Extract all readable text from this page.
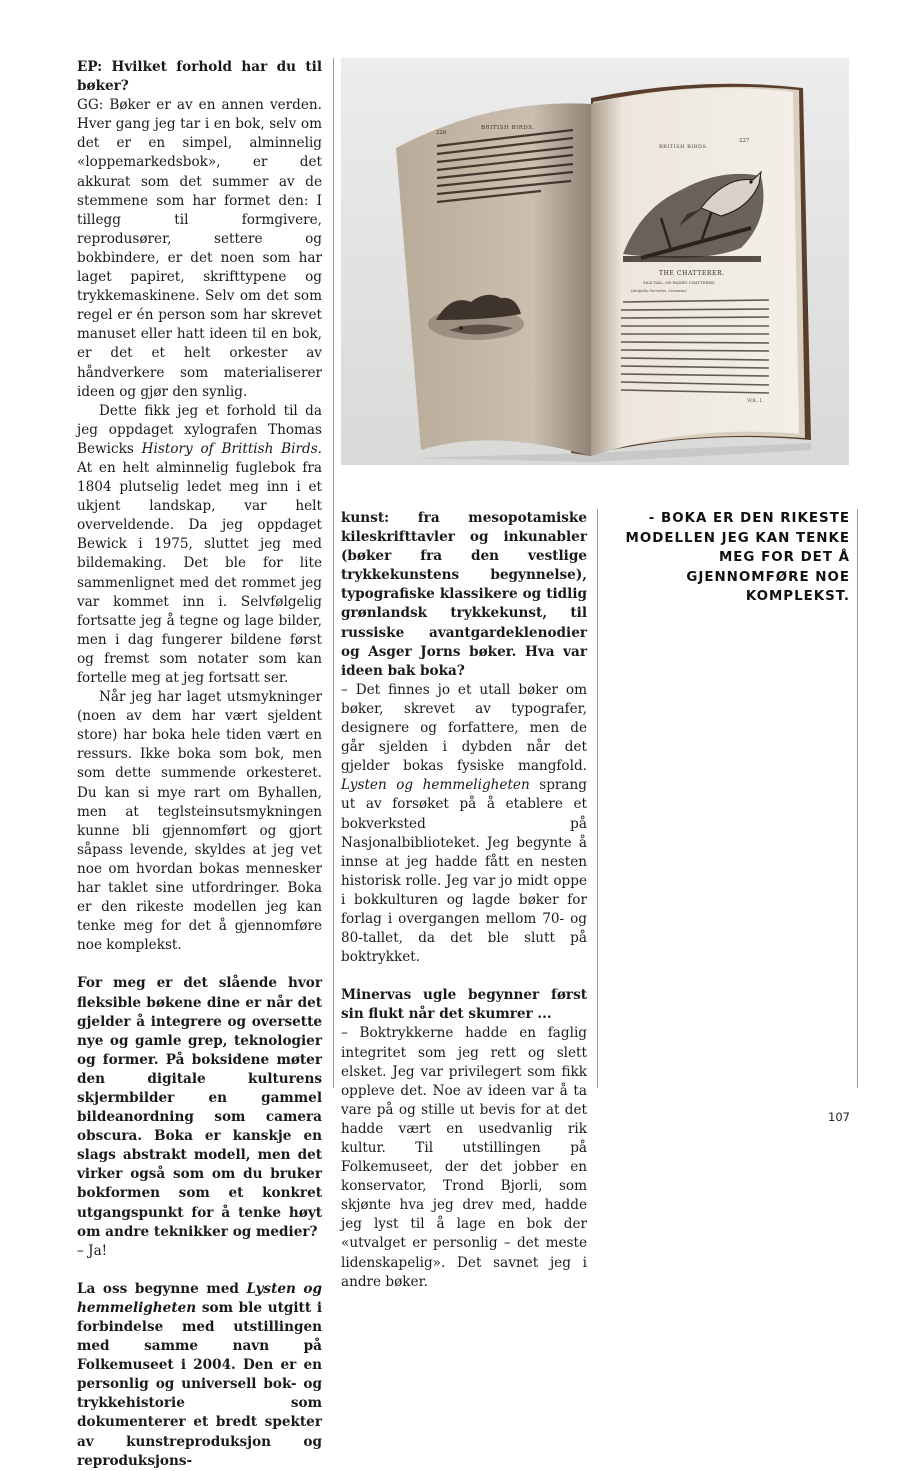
EP: Hvilket forhold har du til bøker?

GG: Bøker er av en annen verden. Hver gang jeg tar i en bok, selv om det er en simpel, alminnelig «loppemarkedsbok», er det akkurat som det summer av de stemmene som har formet den: I tillegg til formgivere, reprodusører, settere og bokbindere, er det noen som har laget papiret, skrifttypene og trykkemaskinene. Selv om det som regel er én person som har skrevet manuset eller hatt ideen til en bok, er det et helt orkester av håndverkere som materialiserer ideen og gjør den synlig.

Dette fikk jeg et forhold til da jeg oppdaget xylografen Thomas Bewicks History of Brittish Birds. At en helt alminnelig fuglebok fra 1804 plutselig ledet meg inn i et ukjent landskap, var helt overveldende. Da jeg oppdaget Bewick i 1975, sluttet jeg med bildemaking. Det ble for lite sammenlignet med det rommet jeg var kommet inn i. Selvfølgelig fortsatte jeg å tegne og lage bilder, men i dag fungerer bildene først og fremst som notater som kan fortelle meg at jeg fortsatt ser.

Når jeg har laget utsmykninger (noen av dem har vært sjeldent store) har boka hele tiden vært en ressurs. Ikke boka som bok, men som dette summende orkesteret. Du kan si mye rart om Byhallen, men at teglsteinsutsmykningen kunne bli gjennomført og gjort såpass levende, skyldes at jeg vet noe om hvordan bokas mennesker har taklet sine utfordringer. Boka er den rikeste modellen jeg kan tenke meg for det å gjennomføre noe komplekst.

For meg er det slående hvor fleksible bøkene dine er når det gjelder å integrere og oversette nye og gamle grep, teknologier og former. På boksidene møter den digitale kulturens skjermbilder en gammel bildeanordning som camera obscura. Boka er kanskje en slags abstrakt modell, men det virker også som om du bruker bokformen som et konkret utgangspunkt for å tenke høyt om andre teknikker og medier?

– Ja!

La oss begynne med Lysten og hemmeligheten som ble utgitt i forbindelse med utstillingen med samme navn på Folkemuseet i 2004. Den er en personlig og universell bok- og trykkehistorie som dokumenterer et bredt spekter av kunstreproduksjon og reproduksjons-

226
BRITISH BIRDS.
BRITISH BIRDS.
227
THE CHATTERER.
SILK TAIL, OR WAXEN CHATTERER.
(Ampelis Garrulus, Linnæus)
VOL. I.

kunst: fra mesopotamiske kileskrifttavler og inkunabler (bøker fra den vestlige trykkekunstens begynnelse), typografiske klassikere og tidlig grønlandsk trykkekunst, til russiske avantgardeklenodier og Asger Jorns bøker. Hva var ideen bak boka?

– Det finnes jo et utall bøker om bøker, skrevet av typografer, designere og forfattere, men de går sjelden i dybden når det gjelder bokas fysiske mangfold. Lysten og hemmeligheten sprang ut av forsøket på å etablere et bokverksted på Nasjonalbiblioteket. Jeg begynte å innse at jeg hadde fått en nesten historisk rolle. Jeg var jo midt oppe i bokkulturen og lagde bøker for forlag i overgangen mellom 70- og 80-tallet, da det ble slutt på boktrykket.

Minervas ugle begynner først sin flukt når det skumrer ...

– Boktrykkerne hadde en faglig integritet som jeg rett og slett elsket. Jeg var privilegert som fikk oppleve det. Noe av ideen var å ta vare på og stille ut bevis for at det hadde vært en usedvanlig rik kultur. Til utstillingen på Folkemuseet, der det jobber en konservator, Trond Bjorli, som skjønte hva jeg drev med, hadde jeg lyst til å lage en bok der «utvalget er personlig – det meste lidenskapelig». Det savnet jeg i andre bøker.

- BOKA ER DEN RIKESTE MODELLEN JEG KAN TENKE MEG FOR DET Å GJENNOMFØRE NOE KOMPLEKST.
107
